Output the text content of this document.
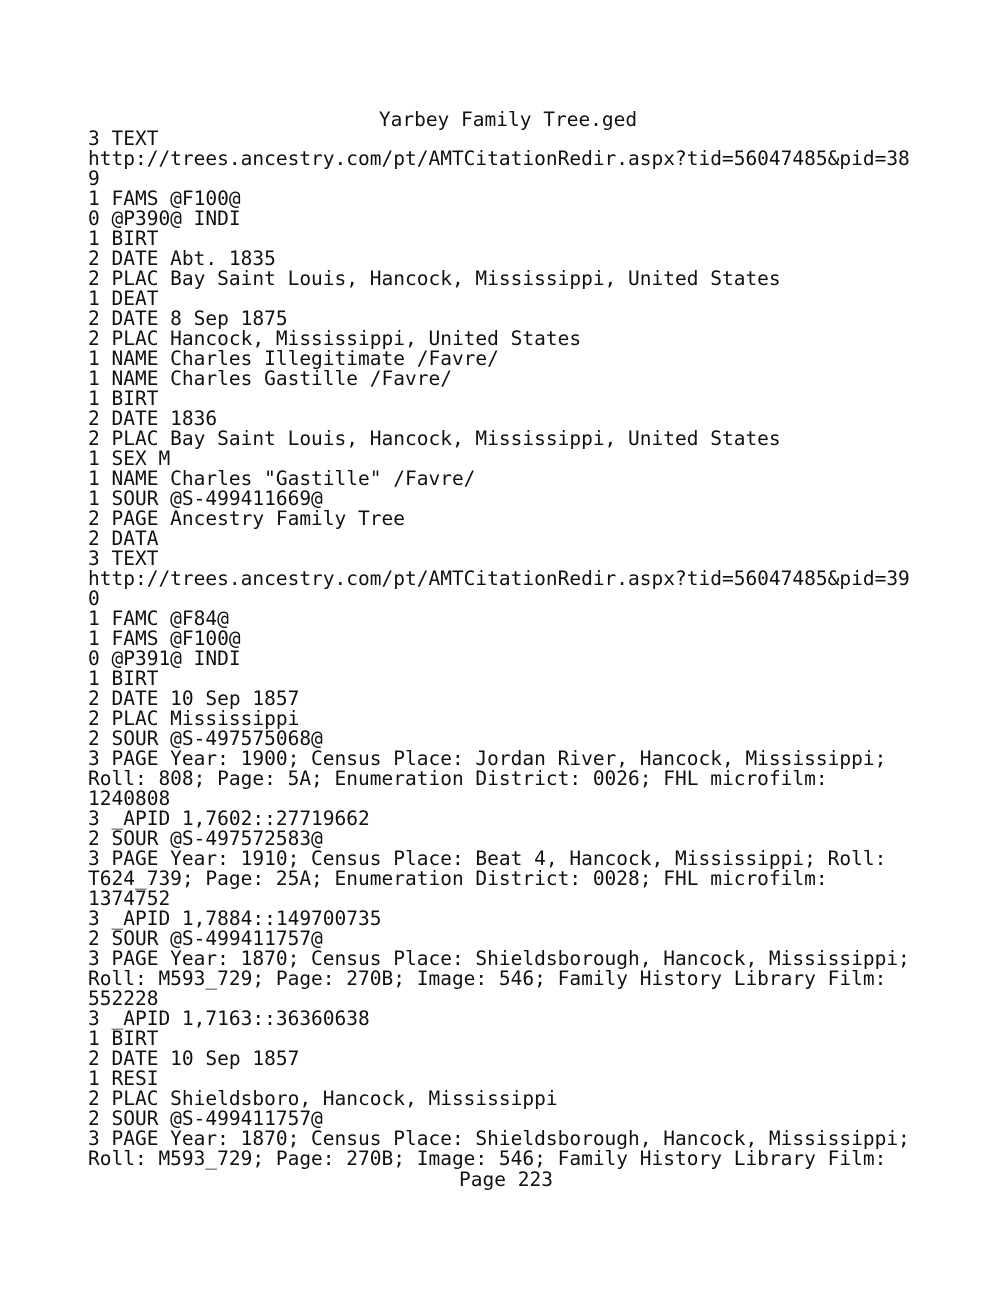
Yarbey Family Tree.ged
3 TEXT
http://trees.ancestry.com/pt/AMTCitationRedir.aspx?tid=56047485&pid=38
9
1 FAMS @F100@
0 @P390@ INDI
1 BIRT
2 DATE Abt. 1835
2 PLAC Bay Saint Louis, Hancock, Mississippi, United States
1 DEAT
2 DATE 8 Sep 1875
2 PLAC Hancock, Mississippi, United States
1 NAME Charles Illegitimate /Favre/
1 NAME Charles Gastille /Favre/
1 BIRT
2 DATE 1836
2 PLAC Bay Saint Louis, Hancock, Mississippi, United States
1 SEX M
1 NAME Charles "Gastille" /Favre/
1 SOUR @S-499411669@
2 PAGE Ancestry Family Tree
2 DATA
3 TEXT
http://trees.ancestry.com/pt/AMTCitationRedir.aspx?tid=56047485&pid=39
0
1 FAMC @F84@
1 FAMS @F100@
0 @P391@ INDI
1 BIRT
2 DATE 10 Sep 1857
2 PLAC Mississippi
2 SOUR @S-497575068@
3 PAGE Year: 1900; Census Place: Jordan River, Hancock, Mississippi;
Roll: 808; Page: 5A; Enumeration District: 0026; FHL microfilm:
1240808
3 _APID 1,7602::27719662
2 SOUR @S-497572583@
3 PAGE Year: 1910; Census Place: Beat 4, Hancock, Mississippi; Roll:
T624_739; Page: 25A; Enumeration District: 0028; FHL microfilm:
1374752
3 _APID 1,7884::149700735
2 SOUR @S-499411757@
3 PAGE Year: 1870; Census Place: Shieldsborough, Hancock, Mississippi;
Roll: M593_729; Page: 270B; Image: 546; Family History Library Film:
552228
3 _APID 1,7163::36360638
1 BIRT
2 DATE 10 Sep 1857
1 RESI
2 PLAC Shieldsboro, Hancock, Mississippi
2 SOUR @S-499411757@
3 PAGE Year: 1870; Census Place: Shieldsborough, Hancock, Mississippi;
Roll: M593_729; Page: 270B; Image: 546; Family History Library Film:
Page 223
